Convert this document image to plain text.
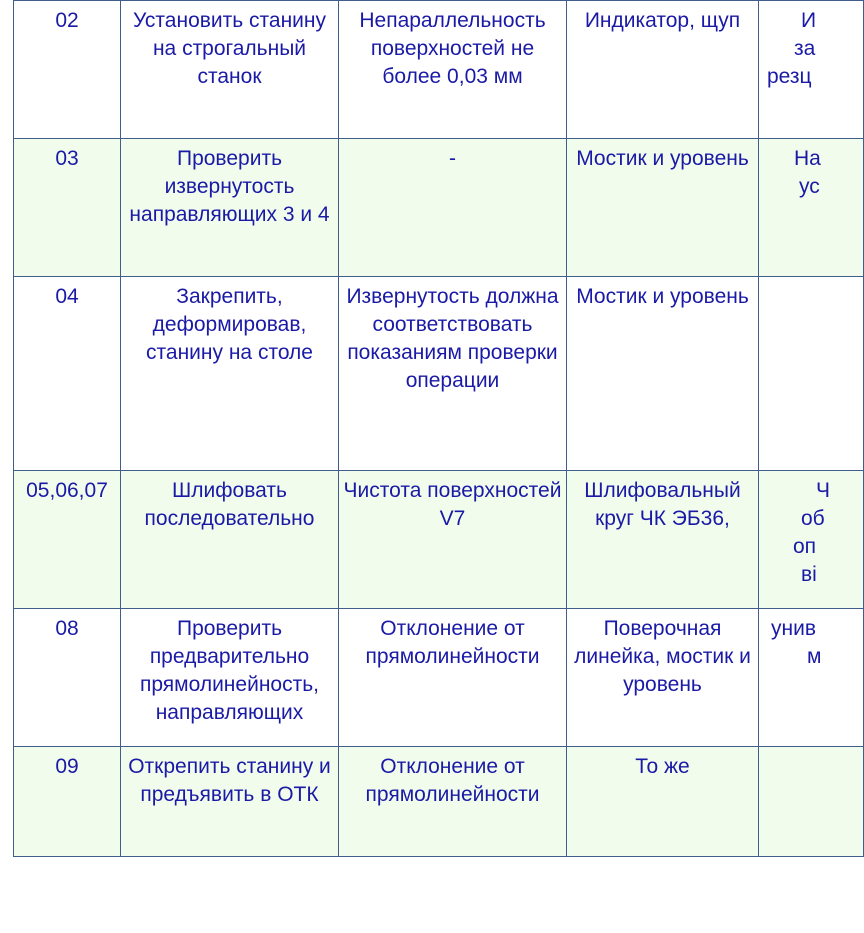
02	Установить станину на строгальный станок	Непараллельность поверхностей не более 0,03 мм	Индикатор, щуп	И
за
резц

03	Проверить извернутость направляющих 3 и 4	-	Мостик и уровень	На
ус

04	Закрепить, деформировав, станину на столе	Извернутость должна соответствовать показаниям проверки операции	Мостик и уровень	
05,06,07	Шлифовать последовательно	Чистота поверхностей V7	Шлифовальный круг ЧК ЭБ36,	Ч
об
оп
ві

08	Проверить предварительно прямолинейность, направляющих	Отклонение от прямолинейности	Поверочная линейка, мостик и уровень	унив
м

09	Открепить станину и предъявить в ОТК	Отклонение от прямолинейности	То же	
